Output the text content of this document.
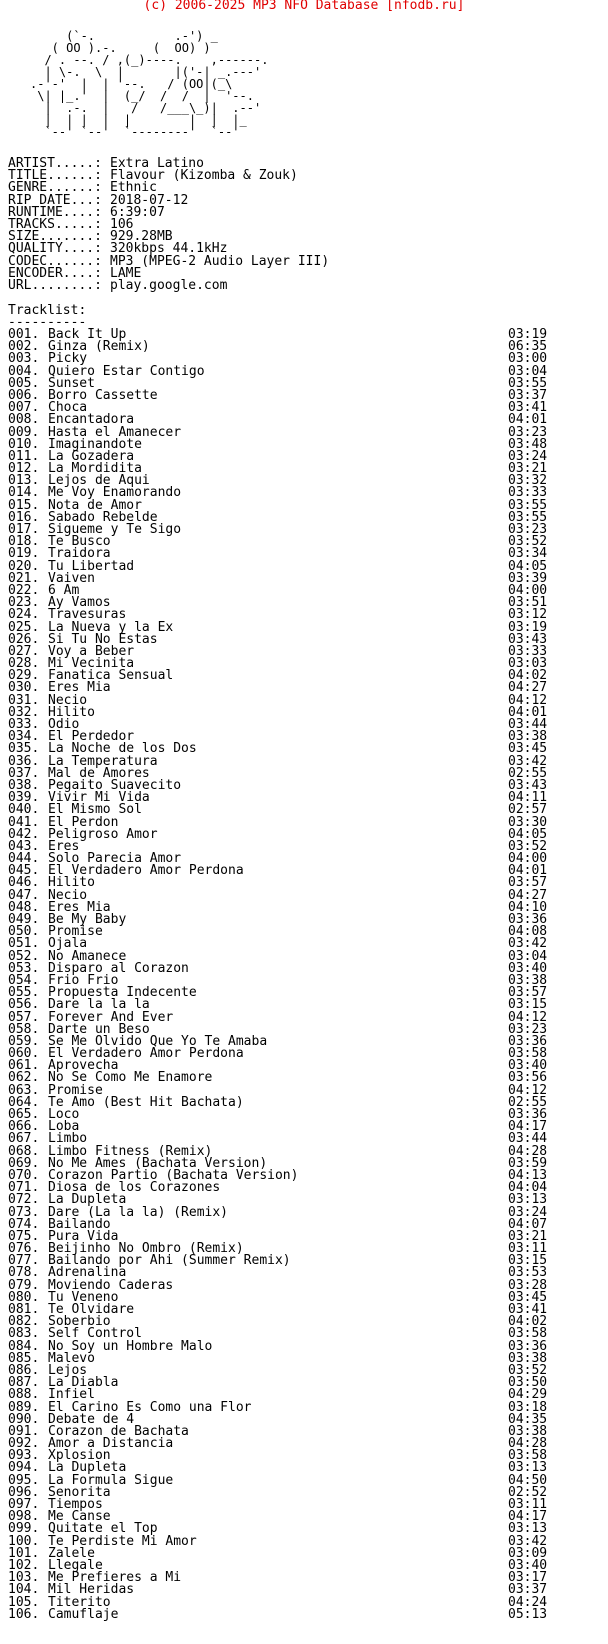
(c) 2006-2025 MP3 NFO Database [nfodb.ru]
(`-.           .-') _
( OO ).-.     (  OO) )
/ . --. / ,(_)----.    ,------.
| \-.  \  |       |('-| _.---'
.-'-'  |  | '--.   / (OO|(_\
\| |_.'  |  (_/  /  /  |  '--.
|  .-.  |   /   /___\_)|  .--'
|  | |  |  |        |  |  |_
`--' `--'  `--------'  `--'
ARTIST.....: Extra Latino
TITLE......: Flavour (Kizomba & Zouk)
GENRE......: Ethnic
RIP DATE...: 2018-07-12
RUNTIME....: 6:39:07
TRACKS.....: 106
SIZE.......: 929.28MB
QUALITY....: 320kbps 44.1kHz
CODEC......: MP3 (MPEG-2 Audio Layer III)
ENCODER....: LAME
URL........: play.google.com
Tracklist:
----------
001. Back It Up	03:19
002. Ginza (Remix)	06:35
003. Picky	03:00
004. Quiero Estar Contigo	03:04
005. Sunset	03:55
006. Borro Cassette	03:37
007. Choca	03:41
008. Encantadora	04:01
009. Hasta el Amanecer	03:23
010. Imaginandote	03:48
011. La Gozadera	03:24
012. La Mordidita	03:21
013. Lejos de Aqui	03:32
014. Me Voy Enamorando	03:33
015. Nota de Amor	03:55
016. Sabado Rebelde	03:55
017. Sigueme y Te Sigo	03:23
018. Te Busco	03:52
019. Traidora	03:34
020. Tu Libertad	04:05
021. Vaiven	03:39
022. 6 Am	04:00
023. Ay Vamos	03:51
024. Travesuras	03:12
025. La Nueva y la Ex	03:19
026. Si Tu No Estas	03:43
027. Voy a Beber	03:33
028. Mi Vecinita	03:03
029. Fanatica Sensual	04:02
030. Eres Mia	04:27
031. Necio	04:12
032. Hilito	04:01
033. Odio	03:44
034. El Perdedor	03:38
035. La Noche de los Dos	03:45
036. La Temperatura	03:42
037. Mal de Amores	02:55
038. Pegaito Suavecito	03:43
039. Vivir Mi Vida	04:11
040. El Mismo Sol	02:57
041. El Perdon	03:30
042. Peligroso Amor	04:05
043. Eres	03:52
044. Solo Parecia Amor	04:00
045. El Verdadero Amor Perdona	04:01
046. Hilito	03:57
047. Necio	04:27
048. Eres Mia	04:10
049. Be My Baby	03:36
050. Promise	04:08
051. Ojala	03:42
052. No Amanece	03:04
053. Disparo al Corazon	03:40
054. Frio Frio	03:38
055. Propuesta Indecente	03:57
056. Dare la la la	03:15
057. Forever And Ever	04:12
058. Darte un Beso	03:23
059. Se Me Olvido Que Yo Te Amaba	03:36
060. El Verdadero Amor Perdona	03:58
061. Aprovecha	03:40
062. No Se Como Me Enamore	03:56
063. Promise	04:12
064. Te Amo (Best Hit Bachata)	02:55
065. Loco	03:36
066. Loba	04:17
067. Limbo	03:44
068. Limbo Fitness (Remix)	04:28
069. No Me Ames (Bachata Version)	03:59
070. Corazon Partio (Bachata Version)	04:13
071. Diosa de los Corazones	04:04
072. La Dupleta	03:13
073. Dare (La la la) (Remix)	03:24
074. Bailando	04:07
075. Pura Vida	03:21
076. Beijinho No Ombro (Remix)	03:11
077. Bailando por Ahi (Summer Remix)	03:15
078. Adrenalina	03:53
079. Moviendo Caderas	03:28
080. Tu Veneno	03:45
081. Te Olvidare	03:41
082. Soberbio	04:02
083. Self Control	03:58
084. No Soy un Hombre Malo	03:36
085. Malevo	03:38
086. Lejos	03:52
087. La Diabla	03:50
088. Infiel	04:29
089. El Carino Es Como una Flor	03:18
090. Debate de 4	04:35
091. Corazon de Bachata	03:38
092. Amor a Distancia	04:28
093. Xplosion	03:58
094. La Dupleta	03:13
095. La Formula Sigue	04:50
096. Senorita	02:52
097. Tiempos	03:11
098. Me Canse	04:17
099. Quitate el Top	03:13
100. Te Perdiste Mi Amor	03:42
101. Zalele	03:09
102. Llegale	03:40
103. Me Prefieres a Mi	03:17
104. Mil Heridas	03:37
105. Titerito	04:24
106. Camuflaje	05:13
